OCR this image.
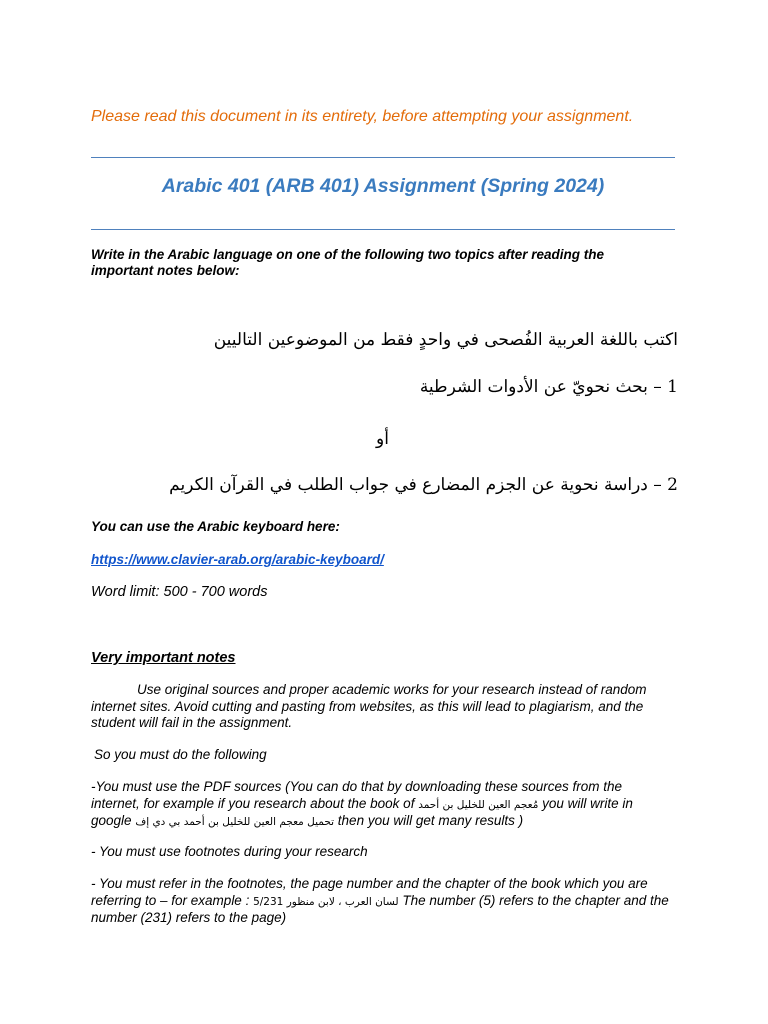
Please read this document in its entirety, before attempting your assignment.
Arabic 401 (ARB 401) Assignment (Spring 2024)
Write in the Arabic language on one of the following two topics after reading the important notes below:
اكتب باللغة العربية الفُصحى في واحدٍ فقط من الموضوعين التاليين
1 – بحث نحويّ عن الأدوات الشرطية
أو
2 – دراسة نحوية عن الجزم المضارع في جواب الطلب في القرآن الكريم
You can use the Arabic keyboard here:
https://www.clavier-arab.org/arabic-keyboard/
Word limit: 500 - 700 words
Very important notes
Use original sources and proper academic works for your research instead of random internet sites. Avoid cutting and pasting from websites, as this will lead to plagiarism, and the student will fail in the assignment.
So you must do the following
-You must use the PDF sources (You can do that by downloading these sources from the internet, for example if you research about the book of مُعجم العين للخليل بن أحمد you will write in google تحميل معجم العين للخليل بن أحمد بي دي إف then you will get many results )
- You must use footnotes during your research
- You must refer in the footnotes, the page number and the chapter of the book which you are referring to – for example : لسان العرب ، لابن منظور 5/231 The number (5) refers to the chapter and the number (231) refers to the page)
